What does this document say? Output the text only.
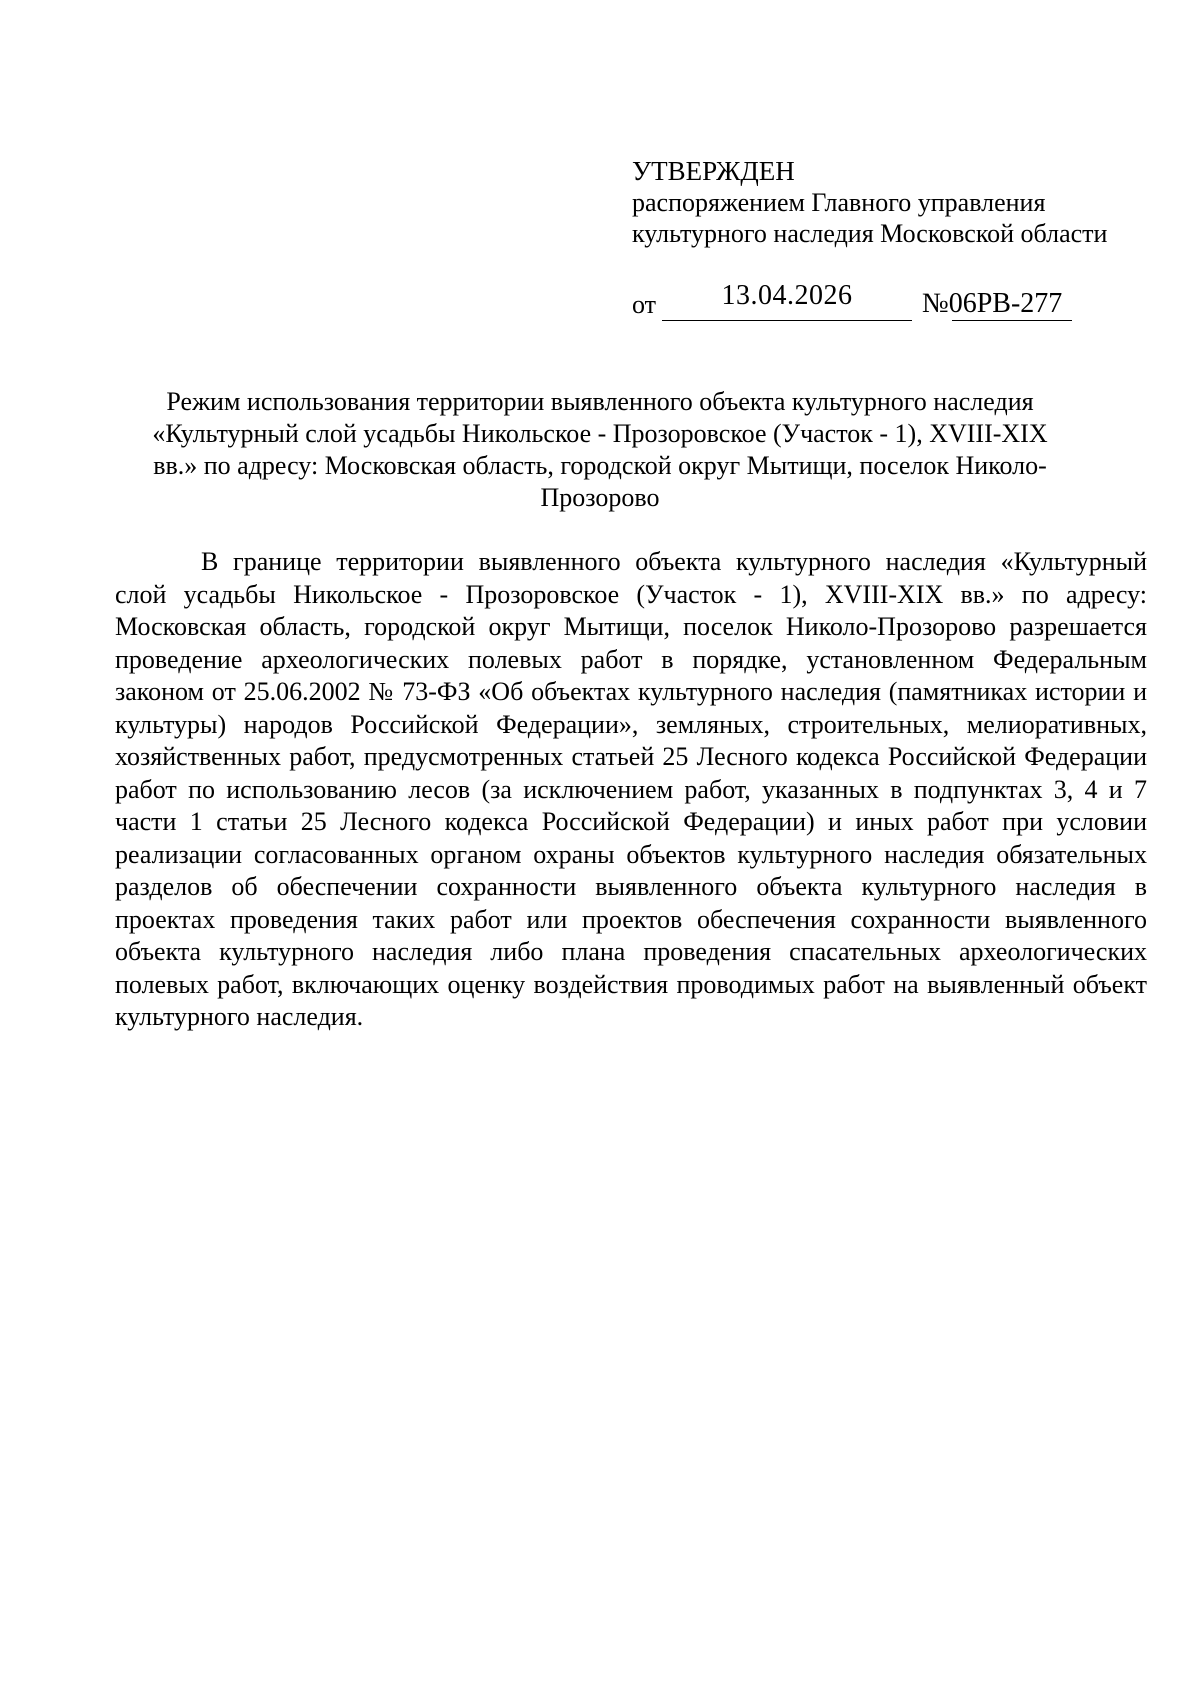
УТВЕРЖДЕН
распоряжением Главного управления
культурного наследия Московской области
от	13.04.2026	№06РВ-277
Режим использования территории выявленного объекта культурного наследия «Культурный слой усадьбы Никольское - Прозоровское (Участок - 1), XVIII-XIX вв.» по адресу: Московская область, городской округ Мытищи, поселок Николо-Прозорово
В границе территории выявленного объекта культурного наследия «Культурный слой усадьбы Никольское - Прозоровское (Участок - 1), XVIII-XIX вв.» по адресу: Московская область, городской округ Мытищи, поселок Николо-Прозорово разрешается проведение археологических полевых работ в порядке, установленном Федеральным законом от 25.06.2002 № 73-ФЗ «Об объектах культурного наследия (памятниках истории и культуры) народов Российской Федерации», земляных, строительных, мелиоративных, хозяйственных работ, предусмотренных статьей 25 Лесного кодекса Российской Федерации работ по использованию лесов (за исключением работ, указанных в подпунктах 3, 4 и 7 части 1 статьи 25 Лесного кодекса Российской Федерации) и иных работ при условии реализации согласованных органом охраны объектов культурного наследия обязательных разделов об обеспечении сохранности выявленного объекта культурного наследия в проектах проведения таких работ или проектов обеспечения сохранности выявленного объекта культурного наследия либо плана проведения спасательных археологических полевых работ, включающих оценку воздействия проводимых работ на выявленный объект культурного наследия.
